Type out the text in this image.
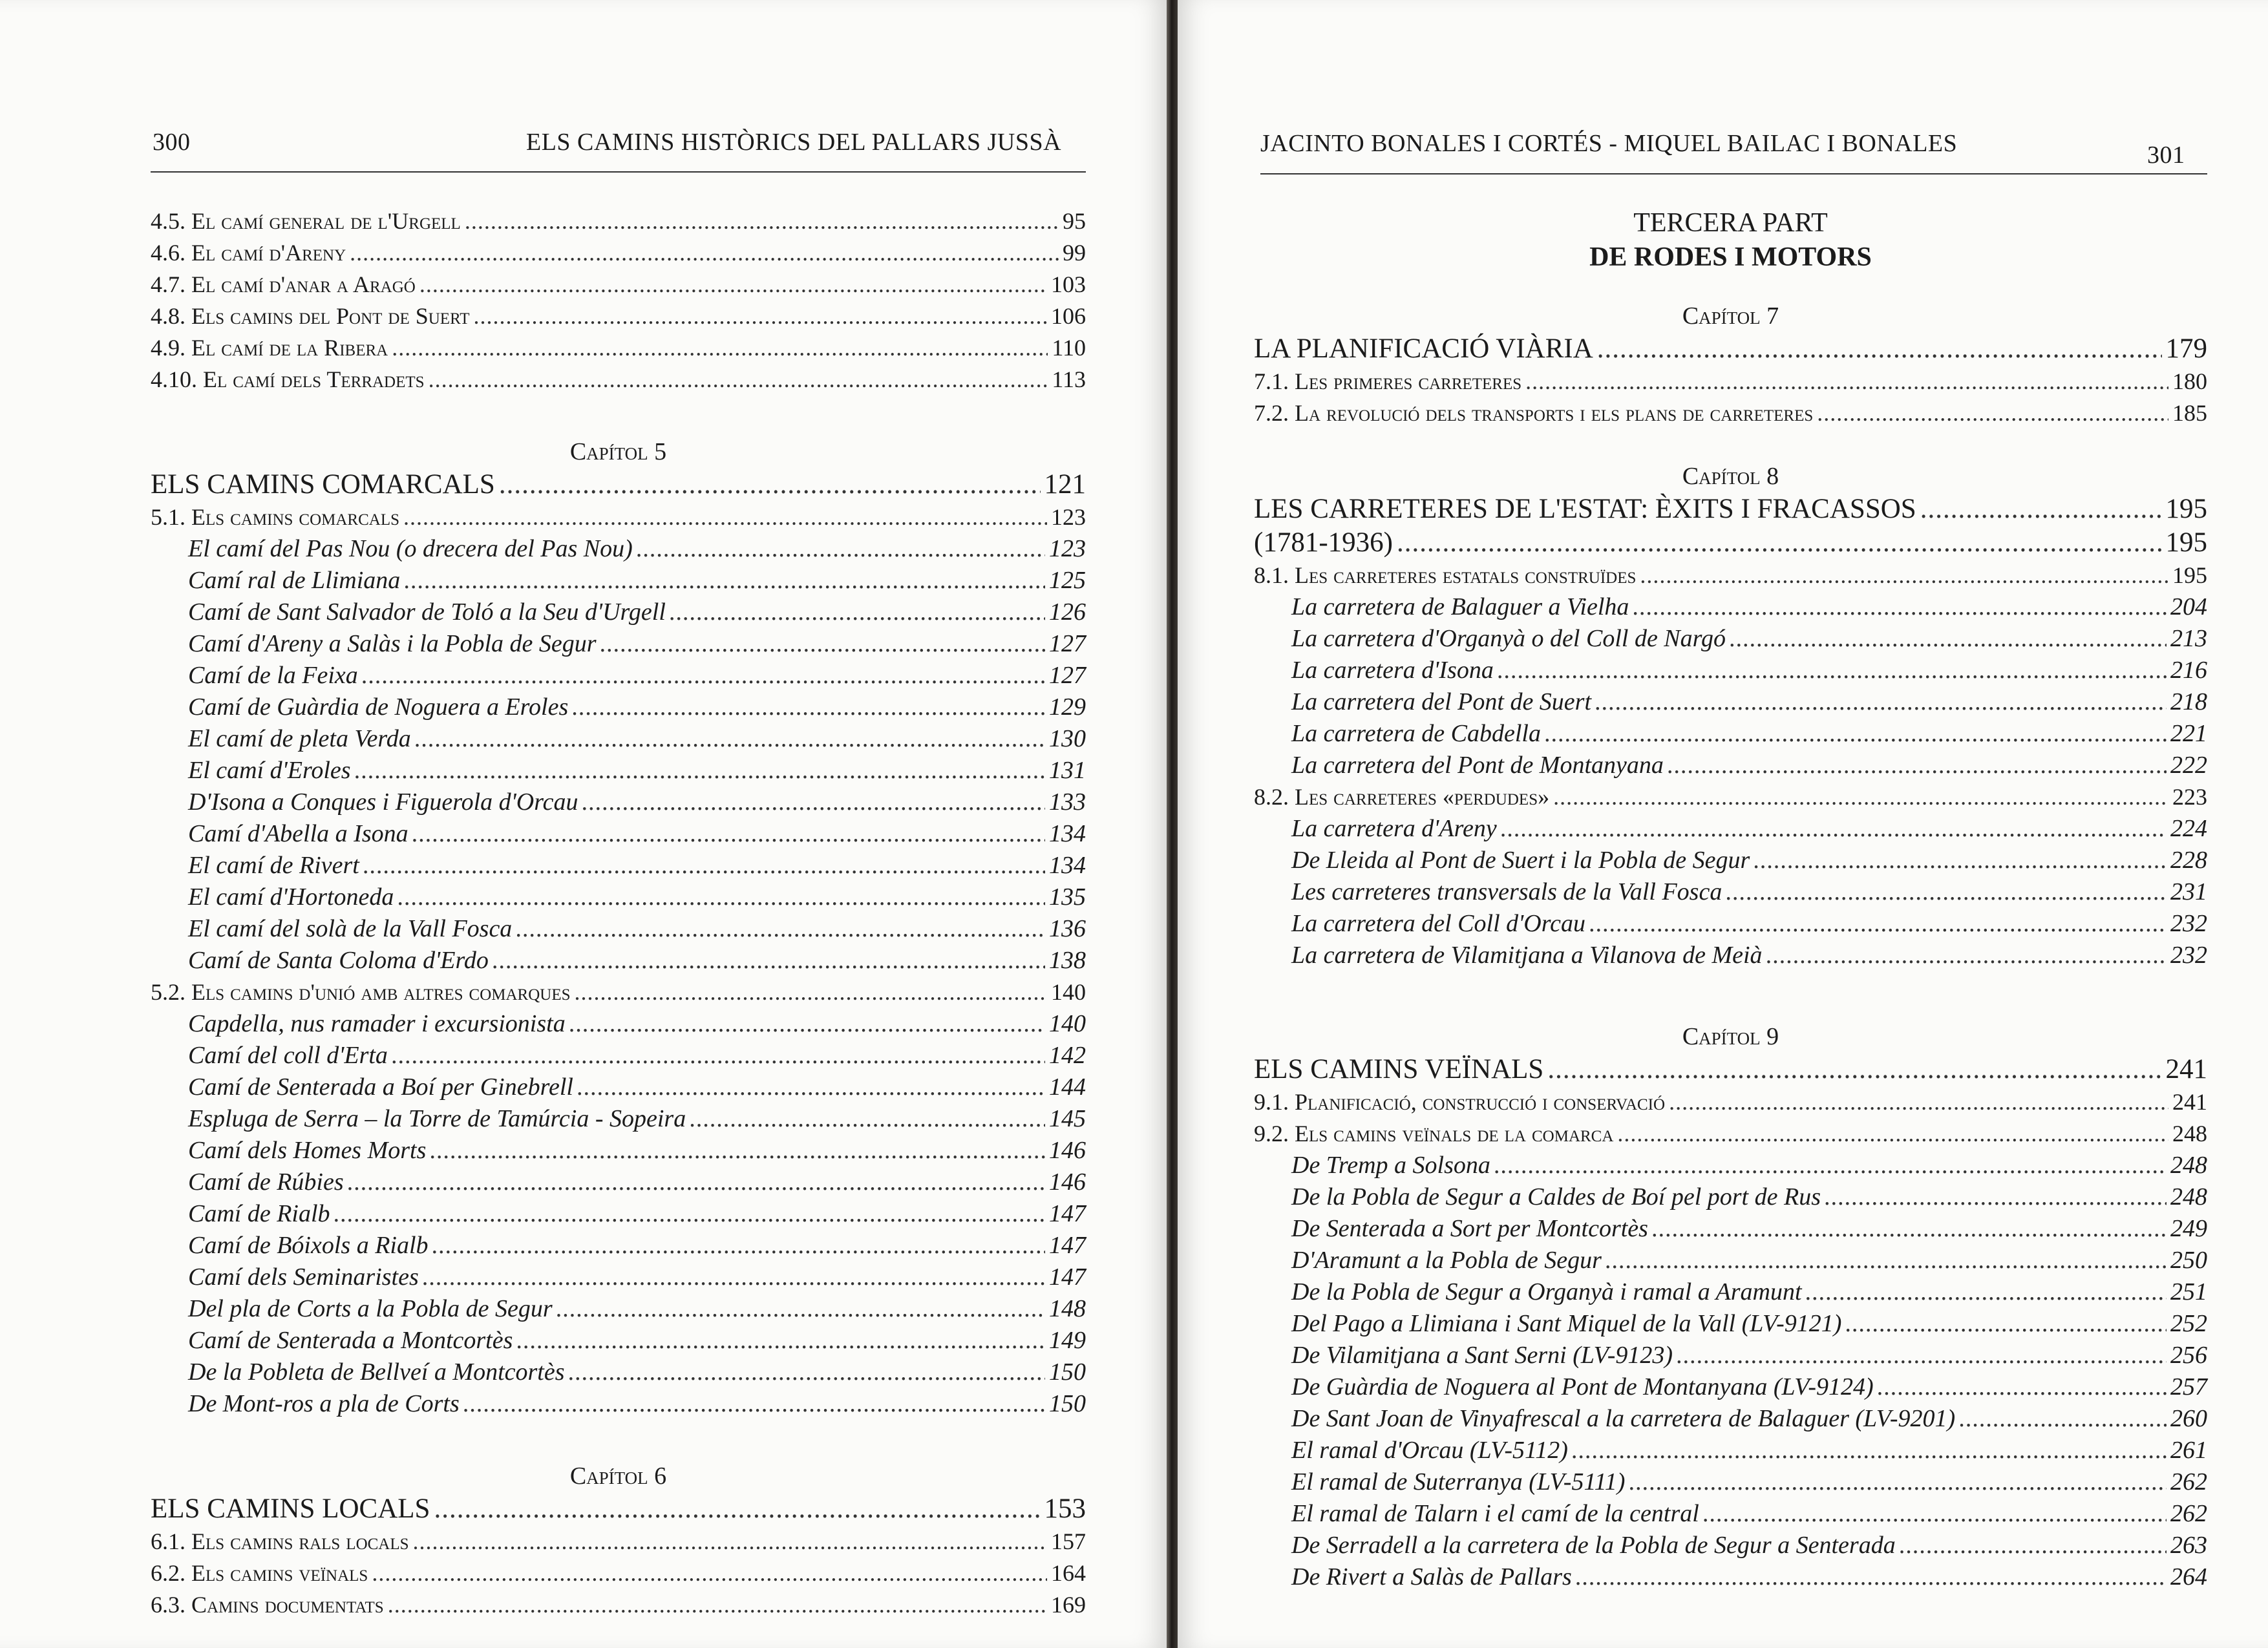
300	ELS CAMINS HISTÒRICS DEL PALLARS JUSSÀ
4.5. El camí general de l'Urgell .....	95
4.6. El camí d'Areny .....	99
4.7. El camí d'anar a Aragó .....	103
4.8. Els camins del Pont de Suert .....	106
4.9. El camí de la Ribera .....	110
4.10. El camí dels Terradets .....	113
Capítol 5
ELS CAMINS COMARCALS .....	121
5.1. Els camins comarcals .....	123
El camí del Pas Nou (o drecera del Pas Nou) .....	123
Camí ral de Llimiana .....	125
Camí de Sant Salvador de Toló a la Seu d'Urgell .....	126
Camí d'Areny a Salàs i la Pobla de Segur .....	127
Camí de la Feixa .....	127
Camí de Guàrdia de Noguera a Eroles .....	129
El camí de pleta Verda .....	130
El camí d'Eroles .....	131
D'Isona a Conques i Figuerola d'Orcau .....	133
Camí d'Abella a Isona .....	134
El camí de Rivert .....	134
El camí d'Hortoneda .....	135
El camí del solà de la Vall Fosca .....	136
Camí de Santa Coloma d'Erdo .....	138
5.2. Els camins d'unió amb altres comarques .....	140
Capdella, nus ramader i excursionista .....	140
Camí del coll d'Erta .....	142
Camí de Senterada a Boí per Ginebrell .....	144
Espluga de Serra – la Torre de Tamúrcia - Sopeira .....	145
Camí dels Homes Morts .....	146
Camí de Rúbies .....	146
Camí de Rialb .....	147
Camí de Bóixols a Rialb .....	147
Camí dels Seminaristes .....	147
Del pla de Corts a la Pobla de Segur .....	148
Camí de Senterada a Montcortès .....	149
De la Pobleta de Bellveí a Montcortès .....	150
De Mont-ros a pla de Corts .....	150
Capítol 6
ELS CAMINS LOCALS .....	153
6.1. Els camins rals locals .....	157
6.2. Els camins veïnals .....	164
6.3. Camins documentats .....	169
JACINTO BONALES I CORTÉS - MIQUEL BAILAC I BONALES	301
TERCERA PART
DE RODES I MOTORS
Capítol 7
LA PLANIFICACIÓ VIÀRIA .....	179
7.1. Les primeres carreteres .....	180
7.2. La revolució dels transports i els plans de carreteres .....	185
Capítol 8
LES CARRETERES DE L'ESTAT: ÈXITS I FRACASSOS .....	195
(1781-1936) .....	195
8.1. Les carreteres estatals construïdes .....	195
La carretera de Balaguer a Vielha .....	204
La carretera d'Organyà o del Coll de Nargó .....	213
La carretera d'Isona .....	216
La carretera del Pont de Suert .....	218
La carretera de Cabdella .....	221
La carretera del Pont de Montanyana .....	222
8.2. Les carreteres «perdudes» .....	223
La carretera d'Areny .....	224
De Lleida al Pont de Suert i la Pobla de Segur .....	228
Les carreteres transversals de la Vall Fosca .....	231
La carretera del Coll d'Orcau .....	232
La carretera de Vilamitjana a Vilanova de Meià .....	232
Capítol 9
ELS CAMINS VEÏNALS .....	241
9.1. Planificació, construcció i conservació .....	241
9.2. Els camins veïnals de la comarca .....	248
De Tremp a Solsona .....	248
De la Pobla de Segur a Caldes de Boí pel port de Rus .....	248
De Senterada a Sort per Montcortès .....	249
D'Aramunt a la Pobla de Segur .....	250
De la Pobla de Segur a Organyà i ramal a Aramunt .....	251
Del Pago a Llimiana i Sant Miquel de la Vall (LV-9121) .....	252
De Vilamitjana a Sant Serni (LV-9123) .....	256
De Guàrdia de Noguera al Pont de Montanyana (LV-9124) .....	257
De Sant Joan de Vinyafrescal a la carretera de Balaguer (LV-9201) .....	260
El ramal d'Orcau (LV-5112) .....	261
El ramal de Suterranya (LV-5111) .....	262
El ramal de Talarn i el camí de la central .....	262
De Serradell a la carretera de la Pobla de Segur a Senterada .....	263
De Rivert a Salàs de Pallars .....	264
